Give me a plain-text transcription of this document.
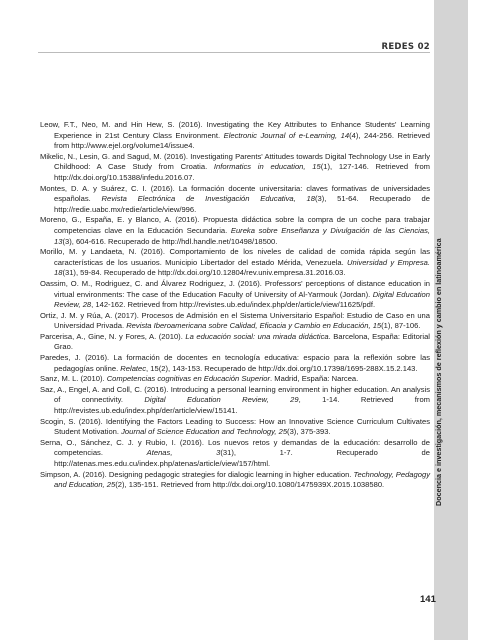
Docencia e investigación, mecanismos de reflexión y cambio en latinoamérica
REDES 02

Leow, F.T., Neo, M. and Hin Hew, S. (2016). Investigating the Key Attributes to Enhance Students' Learning Experience in 21st Century Class Environment. Electronic Journal of e-Learning, 14(4), 244-256. Retrieved from http://www.ejel.org/volume14/issue4.

Mikelic, N., Lesin, G. and Sagud, M. (2016). Investigating Parents' Attitudes towards Digital Technology Use in Early Childhood: A Case Study from Croatia. Informatics in education, 15(1), 127-146. Retrieved from http://dx.doi.org/10.15388/infedu.2016.07.

Montes, D. A. y Suárez, C. I. (2016). La formación docente universitaria: claves formativas de universidades españolas. Revista Electrónica de Investigación Educativa, 18(3), 51-64. Recuperado de http://redie.uabc.mx/redie/article/view/996.

Moreno, G., España, E. y Blanco, A. (2016). Propuesta didáctica sobre la compra de un coche para trabajar competencias clave en la Educación Secundaria. Eureka sobre Enseñanza y Divulgación de las Ciencias, 13(3), 604-616. Recuperado de http://hdl.handle.net/10498/18500.

Morillo, M. y Landaeta, N. (2016). Comportamiento de los niveles de calidad de comida rápida según las características de los usuarios. Municipio Libertador del estado Mérida, Venezuela. Universidad y Empresa. 18(31), 59-84. Recuperado de http://dx.doi.org/10.12804/rev.univ.empresa.31.2016.03.

Oassim, O. M., Rodriguez, C. and Álvarez Rodriguez, J. (2016). Professors' perceptions of distance education in virtual environments: The case of the Education Faculty of University of Al-Yarmouk (Jordan). Digital Education Review, 28, 142-162. Retrieved from http://revistes.ub.edu/index.php/der/article/view/11625/pdf.

Ortiz, J. M. y Rúa, A. (2017). Procesos de Admisión en el Sistema Universitario Español: Estudio de Caso en una Universidad Privada. Revista Iberoamericana sobre Calidad, Eficacia y Cambio en Educación, 15(1), 87-106.

Parcerisa, A., Gine, N. y Fores, A. (2010). La educación social: una mirada didáctica. Barcelona, España: Editorial Grao.

Paredes, J. (2016). La formación de docentes en tecnología educativa: espacio para la reflexión sobre las pedagogías online. Relatec, 15(2), 143-153. Recuperado de http://dx.doi.org/10.17398/1695-288X.15.2.143.

Sanz, M. L. (2010). Competencias cognitivas en Educación Superior. Madrid, España: Narcea.

Saz, A., Engel, A. and Coll, C. (2016). Introducing a personal learning environment in higher education. An analysis of connectivity. Digital Education Review, 29, 1-14. Retrieved from http://revistes.ub.edu/index.php/der/article/view/15141.

Scogin, S. (2016). Identifying the Factors Leading to Success: How an Innovative Science Curriculum Cultivates Student Motivation. Journal of Science Education and Technology, 25(3), 375-393.

Serna, O., Sánchez, C. J. y Rubio, I. (2016). Los nuevos retos y demandas de la educación: desarrollo de competencias. Atenas, 3(31), 1-7. Recuperado de http://atenas.mes.edu.cu/index.php/atenas/article/view/157/html.

Simpson, A. (2016). Designing pedagogic strategies for dialogic learning in higher education. Technology, Pedagogy and Education, 25(2), 135-151. Retrieved from http://dx.doi.org/10.1080/1475939X.2015.1038580.

141
